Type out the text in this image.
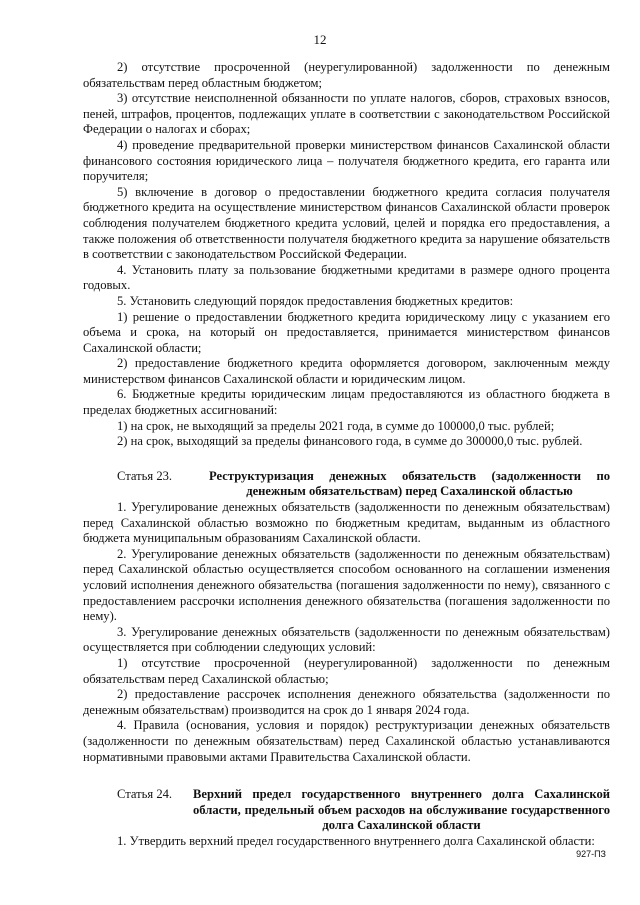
12

2) отсутствие просроченной (неурегулированной) задолженности по денежным обязательствам перед областным бюджетом;

3) отсутствие неисполненной обязанности по уплате налогов, сборов, страховых взносов, пеней, штрафов, процентов, подлежащих уплате в соответствии с законодательством Российской Федерации о налогах и сборах;

4) проведение предварительной проверки министерством финансов Сахалинской области финансового состояния юридического лица – получателя бюджетного кредита, его гаранта или поручителя;

5) включение в договор о предоставлении бюджетного кредита согласия получателя бюджетного кредита на осуществление министерством финансов Сахалинской области проверок соблюдения получателем бюджетного кредита условий, целей и порядка его предоставления, а также положения об ответственности получателя бюджетного кредита за нарушение обязательств в соответствии с законодательством Российской Федерации.

4. Установить плату за пользование бюджетными кредитами в размере одного процента годовых.

5. Установить следующий порядок предоставления бюджетных кредитов:

1) решение о предоставлении бюджетного кредита юридическому лицу с указанием его объема и срока, на который он предоставляется, принимается министерством финансов Сахалинской области;

2) предоставление бюджетного кредита оформляется договором, заключенным между министерством финансов Сахалинской области и юридическим лицом.

6. Бюджетные кредиты юридическим лицам предоставляются из областного бюджета в пределах бюджетных ассигнований:

1) на срок, не выходящий за пределы 2021 года, в сумме до 100000,0 тыс. рублей;

2) на срок, выходящий за пределы финансового года, в сумме до 300000,0 тыс. рублей.

Статья 23.	Реструктуризация денежных обязательств (задолженности по денежным обязательствам) перед Сахалинской областью

1. Урегулирование денежных обязательств (задолженности по денежным обязательствам) перед Сахалинской областью возможно по бюджетным кредитам, выданным из областного бюджета муниципальным образованиям Сахалинской области.

2. Урегулирование денежных обязательств (задолженности по денежным обязательствам) перед Сахалинской областью осуществляется способом основанного на соглашении изменения условий исполнения денежного обязательства (погашения задолженности по нему), связанного с предоставлением рассрочки исполнения денежного обязательства (погашения задолженности по нему).

3. Урегулирование денежных обязательств (задолженности по денежным обязательствам) осуществляется при соблюдении следующих условий:

1) отсутствие просроченной (неурегулированной) задолженности по денежным обязательствам перед Сахалинской областью;

2) предоставление рассрочек исполнения денежного обязательства (задолженности по денежным обязательствам) производится на срок до 1 января 2024 года.

4. Правила (основания, условия и порядок) реструктуризации денежных обязательств (задолженности по денежным обязательствам) перед Сахалинской областью устанавливаются нормативными правовыми актами Правительства Сахалинской области.

Статья 24.	Верхний предел государственного внутреннего долга Сахалинской области, предельный объем расходов на обслуживание государственного долга Сахалинской области

1. Утвердить верхний предел государственного внутреннего долга Сахалинской области:

927-ПЗ
